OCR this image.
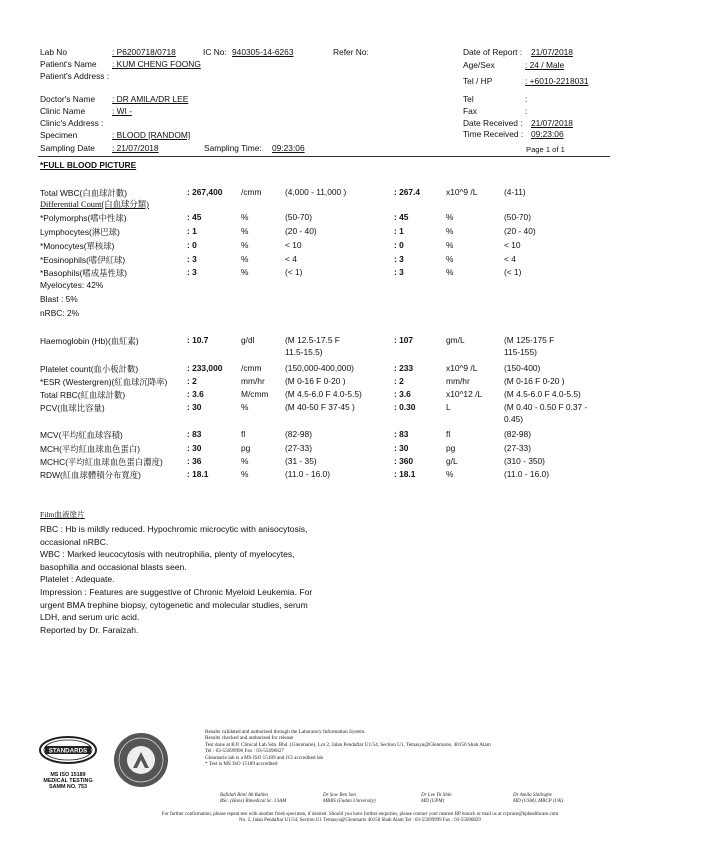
Lab No	: P6200718/0718	IC No: 940305-14-6263	Refer No:
Patient's Name : KUM CHENG FOONG
Patient's Address :
Doctor's Name : DR AMILA/DR LEE
Clinic Name	: WI -
Clinic's Address :
Specimen	: BLOOD [RANDOM]
Sampling Date : 21/07/2018	Sampling Time: 09:23:06
Date of Report : 21/07/2018
Age/Sex	: 24 / Male
Tel / HP	: +6010-2218031
Tel	:
Fax	:
Date Received : 21/07/2018
Time Received : 09:23:06
Page 1 of 1
*FULL BLOOD PICTURE
Total WBC(白血球計數)	: 267,400 /cmm	(4,000 - 11,000 )	: 267.4	x10^9 /L	(4-11)
Differential Count(白血球分類)
*Polymorphs(嗜中性球)	: 45	%	(50-70)	: 45	%	(50-70)
Lymphocytes(淋巴球)	: 1	%	(20 - 40)	: 1	%	(20 - 40)
*Monocytes(單核球)	: 0	%	< 10	: 0	%	< 10
*Eosinophils(嗜伊紅球)	: 3	%	< 4	: 3	%	< 4
*Basophils(嗜成基性球)	: 3	%	(< 1)	: 3	%	(< 1)
Myelocytes: 42%
Blast : 5%
nRBC: 2%
Haemoglobin (Hb)(血紅素)	: 10.7	g/dl	(M 12.5-17.5 F	: 107	gm/L	(M 125-175 F
11.5-15.5)	115-155)
Platelet count(血小板計數)	: 233,000 /cmm	(150,000-400,000)	: 233	x10^9 /L	(150-400)
*ESR (Westergren)(紅血球沉降率) : 2	mm/hr (M 0-16 F 0-20 )	: 2	mm/hr	(M 0-16 F 0-20 )
Total RBC(紅血球計數)	: 3.6	M/cmm (M 4.5-6.0 F 4.0-5.5)	: 3.6	x10^12 /L	(M 4.5-6.0 F 4.0-5.5)
PCV(血球比容量)	: 30	%	(M 40-50 F 37-45 )	: 0.30	L	(M 0.40 - 0.50 F 0.37 -
0.45)
MCV(平均紅血球容積)	: 83	fl	(82-98)	: 83	fl	(82-98)
MCH(平均紅血球血色蛋白)	: 30	pg	(27-33)	: 30	pg	(27-33)
MCHC(平均紅血球血色蛋白濃度)	: 36	%	(31 - 35)	: 360	g/L	(310 - 350)
RDW(紅血球體積分布寬度)	: 18.1	%	(11.0 - 16.0)	: 18.1	%	(11.0 - 16.0)
Film血液塗片
RBC : Hb is mildly reduced. Hypochromic microcytic with anisocytosis,
occasional nRBC.
WBC : Marked leucocytosis with neutrophilia, plenty of myelocytes,
basophilia and occasional blasts seen.
Platelet : Adequate.
Impression : Features are suggestive of Chronic Myeloid Leukemia. For
urgent BMA trephine biopsy, cytogenetic and molecular studies, serum
LDH, and serum uric acid.
Reported by Dr. Faraizah.
STANDARDS
MS ISO 15189
MEDICAL TESTING
SAMM NO. 753
Results validated and authorised through the Laboratory Information System.
Results checked and authorised for release
Test done at B.P. Clinical Lab Sdn. Bhd. (Glenmarie), Lot 2, Jalan Pendaftar U1/54, Section U1, Temasya@Glenmarie, 40150 Shah Alam
Tel : 03-55699996 Fax : 03-55696827
Glenmarie lab is a MS ISO 15189 and JCI accredited lab
* Test is MS ISO 15189 accredited
Rafidah Binti Ab Rahim
BSc. (Hons) Bimedical Sc. UiAM
Dr Sow Ben Son
MBBS (Fudan University)
Dr Lee Yit Shin
MD (UPM)
Dr Amila Sinlinghe
MD (USM), MRCP (UK)
For further confirmation, please repeat test with another fresh specimen, if desired. Should you have further enquiries, please contact your nearest BP branch or mail us at ccpcare@bphealthcare.com
No. 2, Jalan Pendaftar U1/54, Section U1 Temasya@Glenmarie 40150 Shah Alam Tel : 03-55699999 Fax : 03-55696829
